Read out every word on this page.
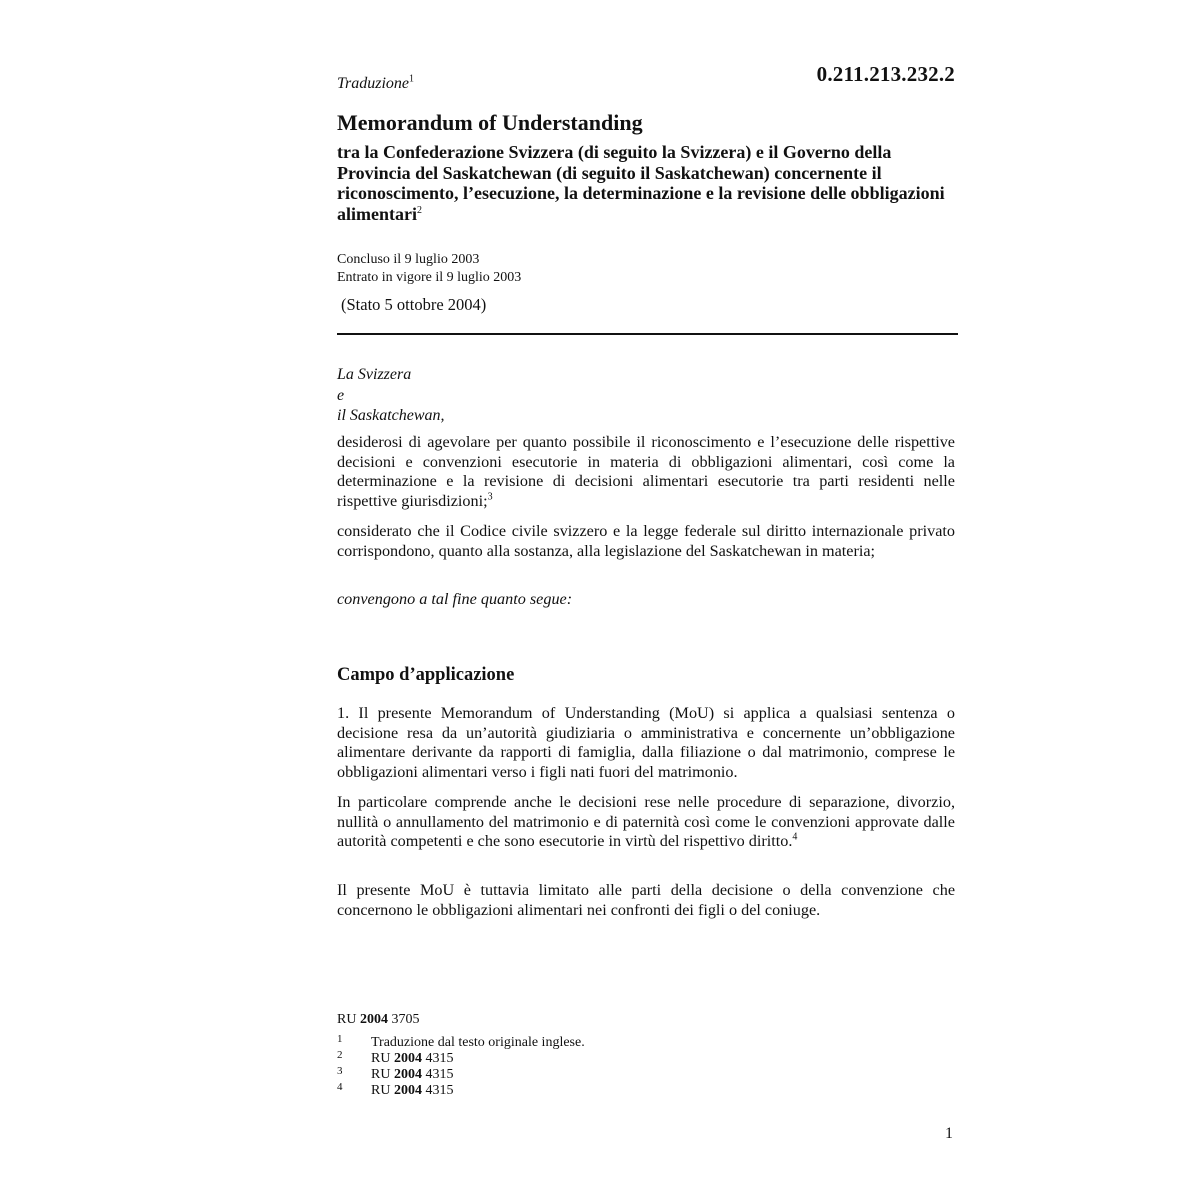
0.211.213.232.2
Traduzione$^1$
Memorandum of Understanding
tra la Confederazione Svizzera (di seguito la Svizzera) e il Governo della Provincia del Saskatchewan (di seguito il Saskatchewan) concernente il riconoscimento, l’esecuzione, la determinazione e la revisione delle obbligazioni alimentari$^2$
Concluso il 9 luglio 2003
Entrato in vigore il 9 luglio 2003
(Stato 5 ottobre 2004)
La Svizzera
e
il Saskatchewan,

desiderosi di agevolare per quanto possibile il riconoscimento e l’esecuzione delle rispettive decisioni e convenzioni esecutorie in materia di obbligazioni alimentari, così come la determinazione e la revisione di decisioni alimentari esecutorie tra parti residenti nelle rispettive giurisdizioni;$^3$

considerato che il Codice civile svizzero e la legge federale sul diritto internazionale privato corrispondono, quanto alla sostanza, alla legislazione del Saskatchewan in materia;

convengono a tal fine quanto segue:

Campo d’applicazione

1. Il presente Memorandum of Understanding (MoU) si applica a qualsiasi sentenza o decisione resa da un’autorità giudiziaria o amministrativa e concernente un’obbligazione alimentare derivante da rapporti di famiglia, dalla filiazione o dal matrimonio, comprese le obbligazioni alimentari verso i figli nati fuori del matrimonio.

In particolare comprende anche le decisioni rese nelle procedure di separazione, divorzio, nullità o annullamento del matrimonio e di paternità così come le convenzioni approvate dalle autorità competenti e che sono esecutorie in virtù del rispettivo diritto.$^4$

Il presente MoU è tuttavia limitato alle parti della decisione o della convenzione che concernono le obbligazioni alimentari nei confronti dei figli o del coniuge.

RU 2004 3705
1 Traduzione dal testo originale inglese.
2 RU 2004 4315
3 RU 2004 4315
4 RU 2004 4315
1
